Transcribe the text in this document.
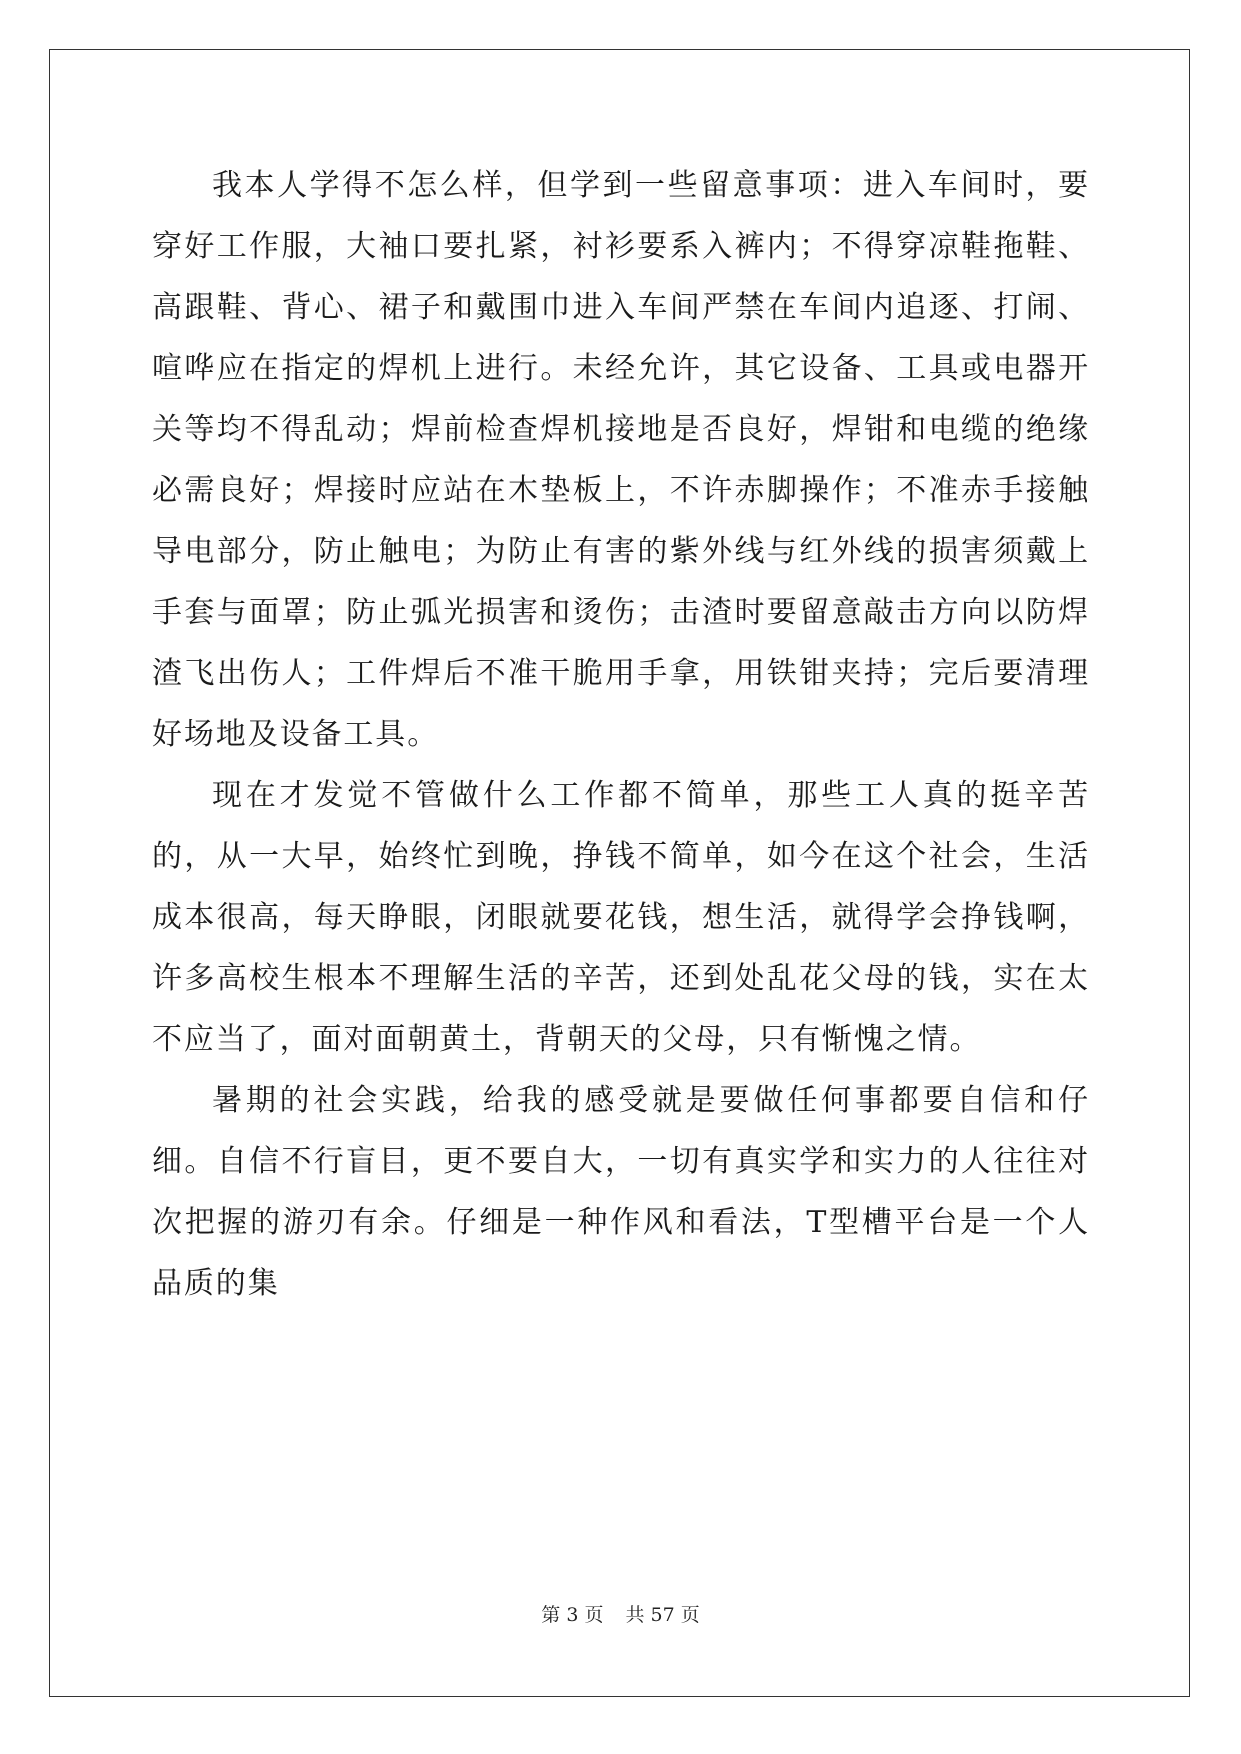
我本人学得不怎么样，但学到一些留意事项：进入车间时，要穿好工作服，大袖口要扎紧，衬衫要系入裤内；不得穿凉鞋拖鞋、高跟鞋、背心、裙子和戴围巾进入车间严禁在车间内追逐、打闹、喧哗应在指定的焊机上进行。未经允许，其它设备、工具或电器开关等均不得乱动；焊前检查焊机接地是否良好，焊钳和电缆的绝缘必需良好；焊接时应站在木垫板上，不许赤脚操作；不准赤手接触导电部分，防止触电；为防止有害的紫外线与红外线的损害须戴上手套与面罩；防止弧光损害和烫伤；击渣时要留意敲击方向以防焊渣飞出伤人；工件焊后不准干脆用手拿，用铁钳夹持；完后要清理好场地及设备工具。

现在才发觉不管做什么工作都不简单，那些工人真的挺辛苦的，从一大早，始终忙到晚，挣钱不简单，如今在这个社会，生活成本很高，每天睁眼，闭眼就要花钱，想生活，就得学会挣钱啊，许多高校生根本不理解生活的辛苦，还到处乱花父母的钱，实在太不应当了，面对面朝黄土，背朝天的父母，只有惭愧之情。

暑期的社会实践，给我的感受就是要做任何事都要自信和仔细。自信不行盲目，更不要自大，一切有真实学和实力的人往往对次把握的游刃有余。仔细是一种作风和看法，T型槽平台是一个人品质的集

第 3 页 共 57 页
